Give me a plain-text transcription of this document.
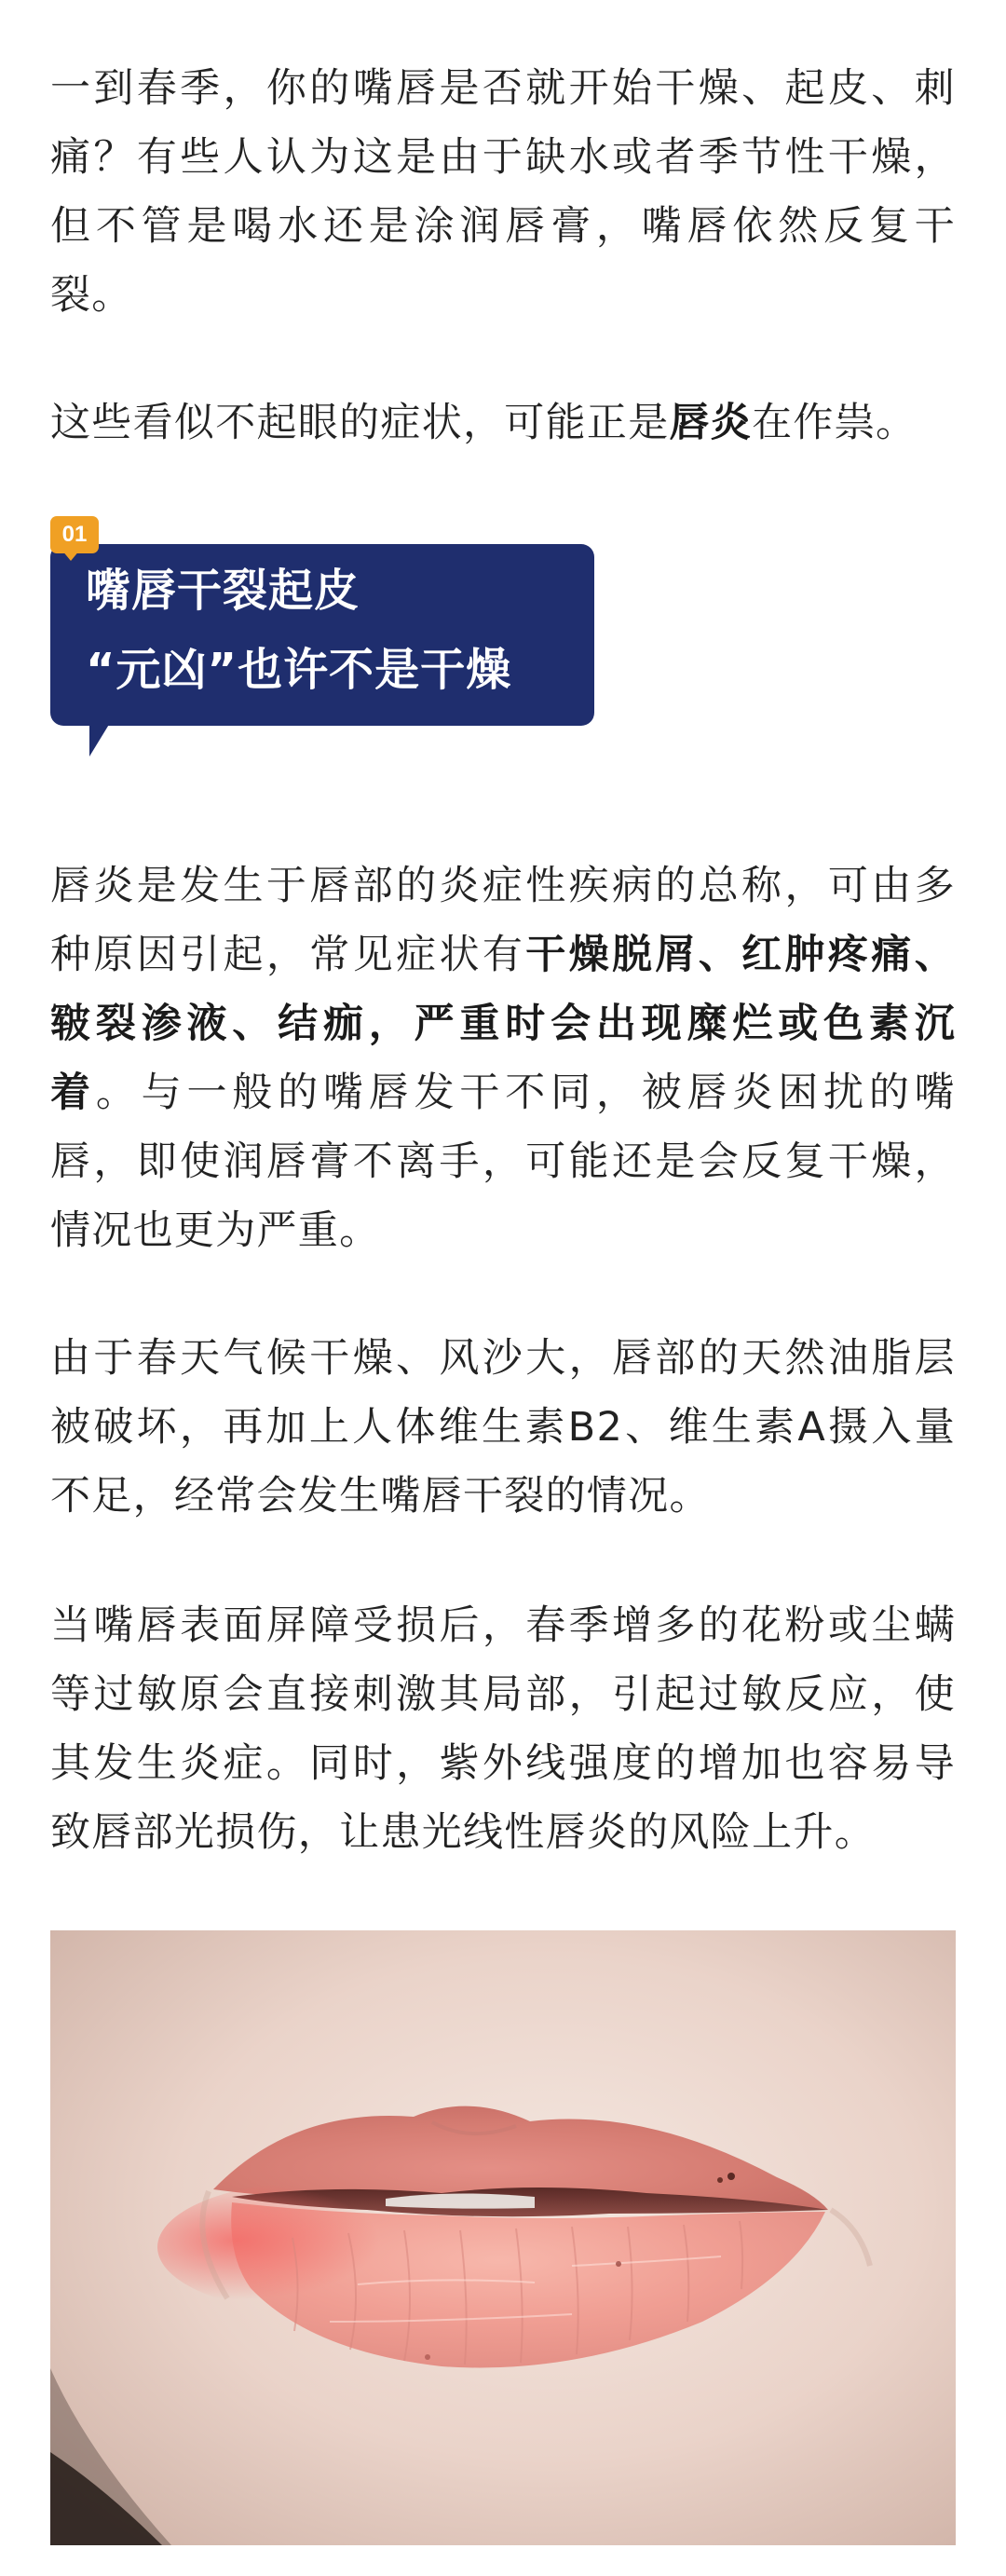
一到春季，你的嘴唇是否就开始干燥、起皮、刺痛？有些人认为这是由于缺水或者季节性干燥，但不管是喝水还是涂润唇膏，嘴唇依然反复干裂。

这些看似不起眼的症状，可能正是唇炎在作祟。

01
嘴唇干裂起皮
“元凶”也许不是干燥

唇炎是发生于唇部的炎症性疾病的总称，可由多种原因引起，常见症状有干燥脱屑、红肿疼痛、皲裂渗液、结痂，严重时会出现糜烂或色素沉着。与一般的嘴唇发干不同，被唇炎困扰的嘴唇，即使润唇膏不离手，可能还是会反复干燥，情况也更为严重。

由于春天气候干燥、风沙大，唇部的天然油脂层被破坏，再加上人体维生素B2、维生素A摄入量不足，经常会发生嘴唇干裂的情况。

当嘴唇表面屏障受损后，春季增多的花粉或尘螨等过敏原会直接刺激其局部，引起过敏反应，使其发生炎症。同时，紫外线强度的增加也容易导致唇部光损伤，让患光线性唇炎的风险上升。
